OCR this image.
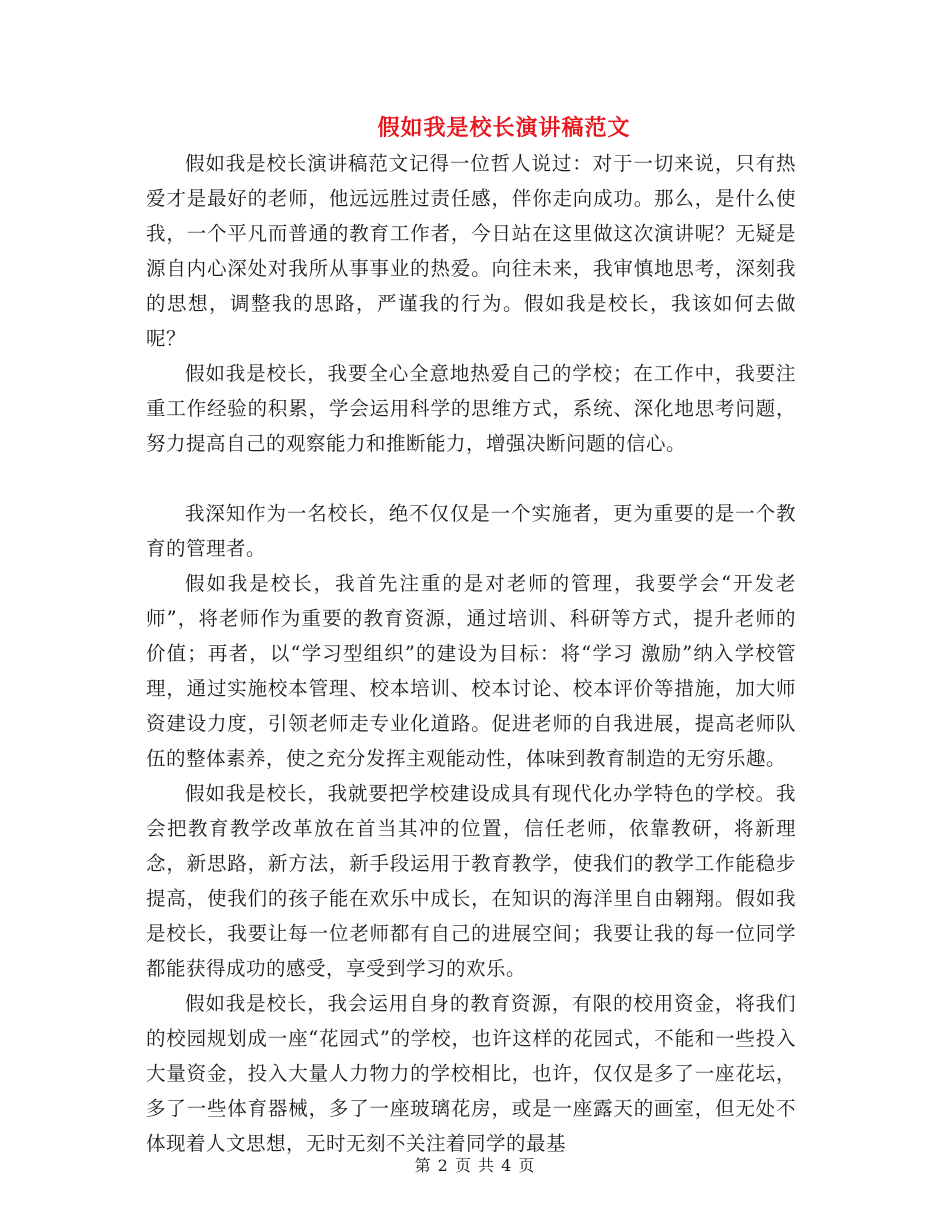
假如我是校长演讲稿范文

假如我是校长演讲稿范文记得一位哲人说过：对于一切来说，只有热爱才是最好的老师，他远远胜过责任感，伴你走向成功。那么，是什么使我，一个平凡而普通的教育工作者，今日站在这里做这次演讲呢？无疑是源自内心深处对我所从事事业的热爱。向往未来，我审慎地思考，深刻我的思想，调整我的思路，严谨我的行为。假如我是校长，我该如何去做呢？

假如我是校长，我要全心全意地热爱自己的学校；在工作中，我要注重工作经验的积累，学会运用科学的思维方式，系统、深化地思考问题，努力提高自己的观察能力和推断能力，增强决断问题的信心。

我深知作为一名校长，绝不仅仅是一个实施者，更为重要的是一个教育的管理者。

假如我是校长，我首先注重的是对老师的管理，我要学会“开发老师”，将老师作为重要的教育资源，通过培训、科研等方式，提升老师的价值；再者，以“学习型组织”的建设为目标：将“学习 激励”纳入学校管理，通过实施校本管理、校本培训、校本讨论、校本评价等措施，加大师资建设力度，引领老师走专业化道路。促进老师的自我进展，提高老师队伍的整体素养，使之充分发挥主观能动性，体味到教育制造的无穷乐趣。

假如我是校长，我就要把学校建设成具有现代化办学特色的学校。我会把教育教学改革放在首当其冲的位置，信任老师，依靠教研，将新理念，新思路，新方法，新手段运用于教育教学，使我们的教学工作能稳步提高，使我们的孩子能在欢乐中成长，在知识的海洋里自由翱翔。假如我是校长，我要让每一位老师都有自己的进展空间；我要让我的每一位同学都能获得成功的感受，享受到学习的欢乐。

假如我是校长，我会运用自身的教育资源，有限的校用资金，将我们的校园规划成一座“花园式”的学校，也许这样的花园式，不能和一些投入大量资金，投入大量人力物力的学校相比，也许，仅仅是多了一座花坛，多了一些体育器械，多了一座玻璃花房，或是一座露天的画室，但无处不体现着人文思想，无时无刻不关注着同学的最基

第 2 页 共 4 页
